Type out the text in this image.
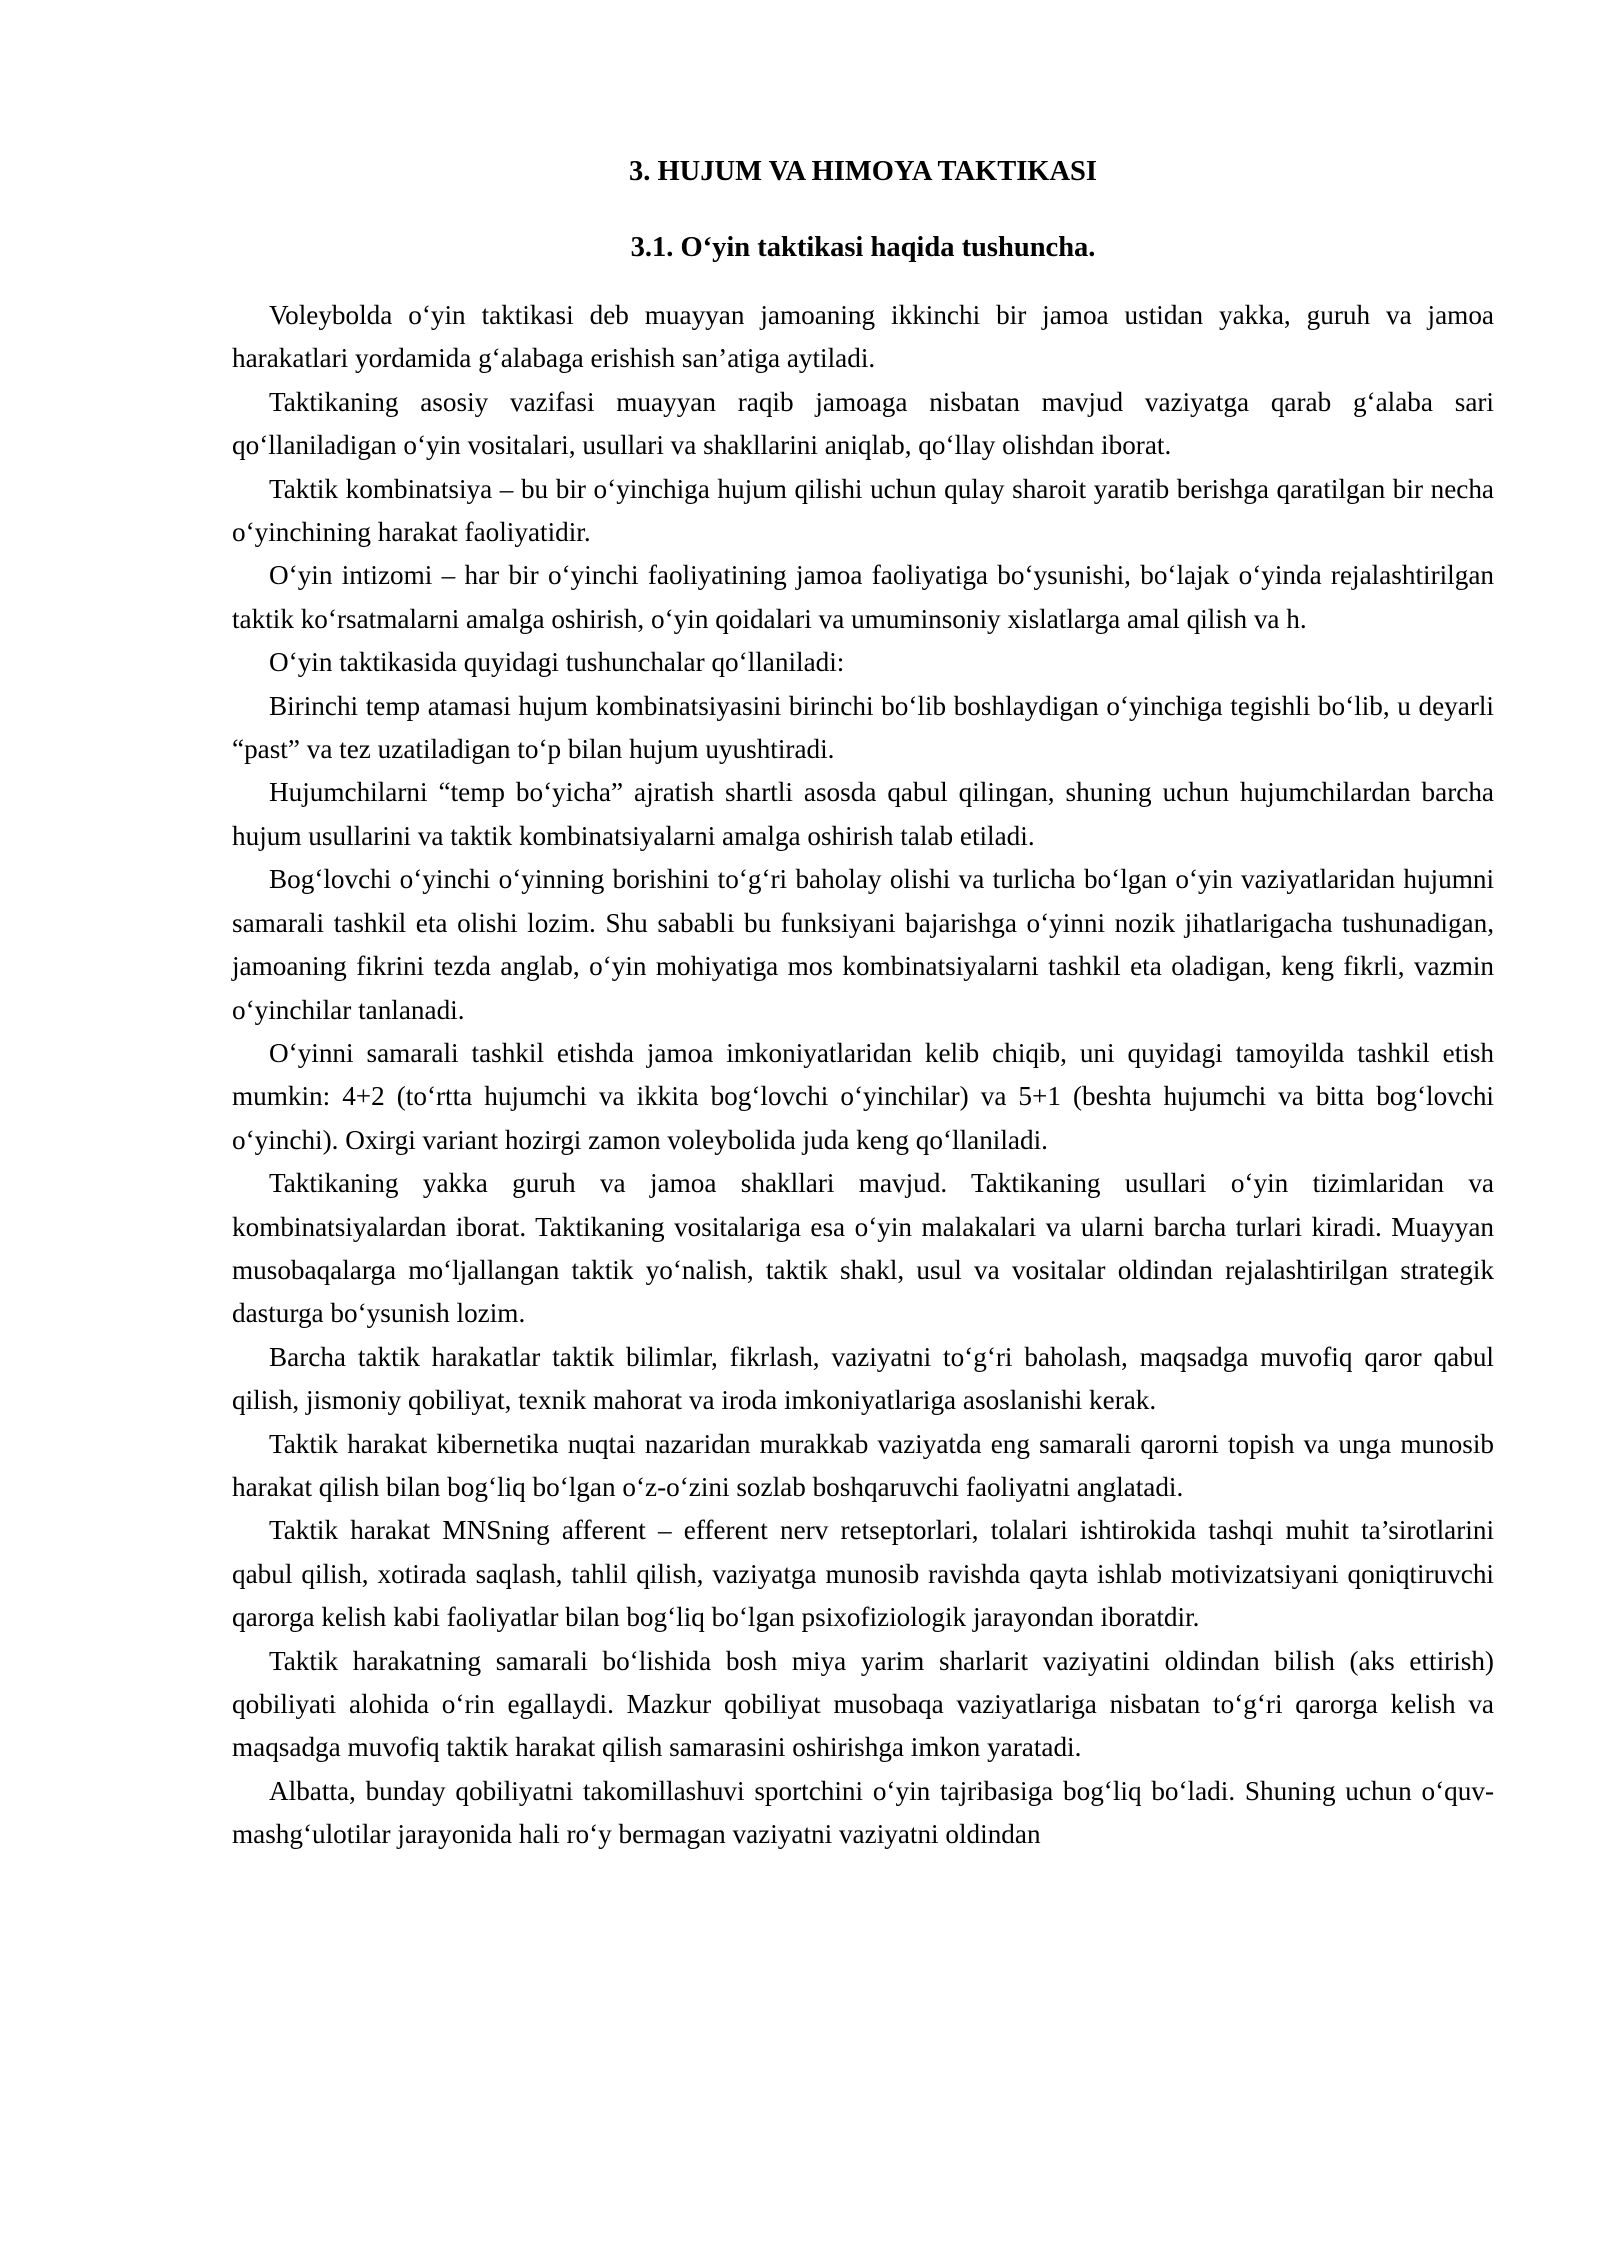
3. HUJUM VA HIMOYA TAKTIKASI
3.1. O‘yin taktikasi haqida tushuncha.

Voleybolda o‘yin taktikasi deb muayyan jamoaning ikkinchi bir jamoa ustidan yakka, guruh va jamoa harakatlari yordamida g‘alabaga erishish san’atiga aytiladi.

Taktikaning asosiy vazifasi muayyan raqib jamoaga nisbatan mavjud vaziyatga qarab g‘alaba sari qo‘llaniladigan o‘yin vositalari, usullari va shakllarini aniqlab, qo‘llay olishdan iborat.

Taktik kombinatsiya – bu bir o‘yinchiga hujum qilishi uchun qulay sharoit yaratib berishga qaratilgan bir necha o‘yinchining harakat faoliyatidir.

O‘yin intizomi – har bir o‘yinchi faoliyatining jamoa faoliyatiga bo‘ysunishi, bo‘lajak o‘yinda rejalashtirilgan taktik ko‘rsatmalarni amalga oshirish, o‘yin qoidalari va umuminsoniy xislatlarga amal qilish va h.

O‘yin taktikasida quyidagi tushunchalar qo‘llaniladi:

Birinchi temp atamasi hujum kombinatsiyasini birinchi bo‘lib boshlaydigan o‘yinchiga tegishli bo‘lib, u deyarli “past” va tez uzatiladigan to‘p bilan hujum uyushtiradi.

Hujumchilarni “temp bo‘yicha” ajratish shartli asosda qabul qilingan, shuning uchun hujumchilardan barcha hujum usullarini va taktik kombinatsiyalarni amalga oshirish talab etiladi.

Bog‘lovchi o‘yinchi o‘yinning borishini to‘g‘ri baholay olishi va turlicha bo‘lgan o‘yin vaziyatlaridan hujumni samarali tashkil eta olishi lozim. Shu sababli bu funksiyani bajarishga o‘yinni nozik jihatlarigacha tushunadigan, jamoaning fikrini tezda anglab, o‘yin mohiyatiga mos kombinatsiyalarni tashkil eta oladigan, keng fikrli, vazmin o‘yinchilar tanlanadi.

O‘yinni samarali tashkil etishda jamoa imkoniyatlaridan kelib chiqib, uni quyidagi tamoyilda tashkil etish mumkin: 4+2 (to‘rtta hujumchi va ikkita bog‘lovchi o‘yinchilar) va 5+1 (beshta hujumchi va bitta bog‘lovchi o‘yinchi). Oxirgi variant hozirgi zamon voleybolida juda keng qo‘llaniladi.

Taktikaning yakka guruh va jamoa shakllari mavjud. Taktikaning usullari o‘yin tizimlaridan va kombinatsiyalardan iborat. Taktikaning vositalariga esa o‘yin malakalari va ularni barcha turlari kiradi. Muayyan musobaqalarga mo‘ljallangan taktik yo‘nalish, taktik shakl, usul va vositalar oldindan rejalashtirilgan strategik dasturga bo‘ysunish lozim.

Barcha taktik harakatlar taktik bilimlar, fikrlash, vaziyatni to‘g‘ri baholash, maqsadga muvofiq qaror qabul qilish, jismoniy qobiliyat, texnik mahorat va iroda imkoniyatlariga asoslanishi kerak.

Taktik harakat kibernetika nuqtai nazaridan murakkab vaziyatda eng samarali qarorni topish va unga munosib harakat qilish bilan bog‘liq bo‘lgan o‘z-o‘zini sozlab boshqaruvchi faoliyatni anglatadi.

Taktik harakat MNSning afferent – efferent nerv retseptorlari, tolalari ishtirokida tashqi muhit ta’sirotlarini qabul qilish, xotirada saqlash, tahlil qilish, vaziyatga munosib ravishda qayta ishlab motivizatsiyani qoniqtiruvchi qarorga kelish kabi faoliyatlar bilan bog‘liq bo‘lgan psixofiziologik jarayondan iboratdir.

Taktik harakatning samarali bo‘lishida bosh miya yarim sharlarit vaziyatini oldindan bilish (aks ettirish) qobiliyati alohida o‘rin egallaydi. Mazkur qobiliyat musobaqa vaziyatlariga nisbatan to‘g‘ri qarorga kelish va maqsadga muvofiq taktik harakat qilish samarasini oshirishga imkon yaratadi.

Albatta, bunday qobiliyatni takomillashuvi sportchini o‘yin tajribasiga bog‘liq bo‘ladi. Shuning uchun o‘quv-mashg‘ulotilar jarayonida hali ro‘y bermagan vaziyatni vaziyatni oldindan
